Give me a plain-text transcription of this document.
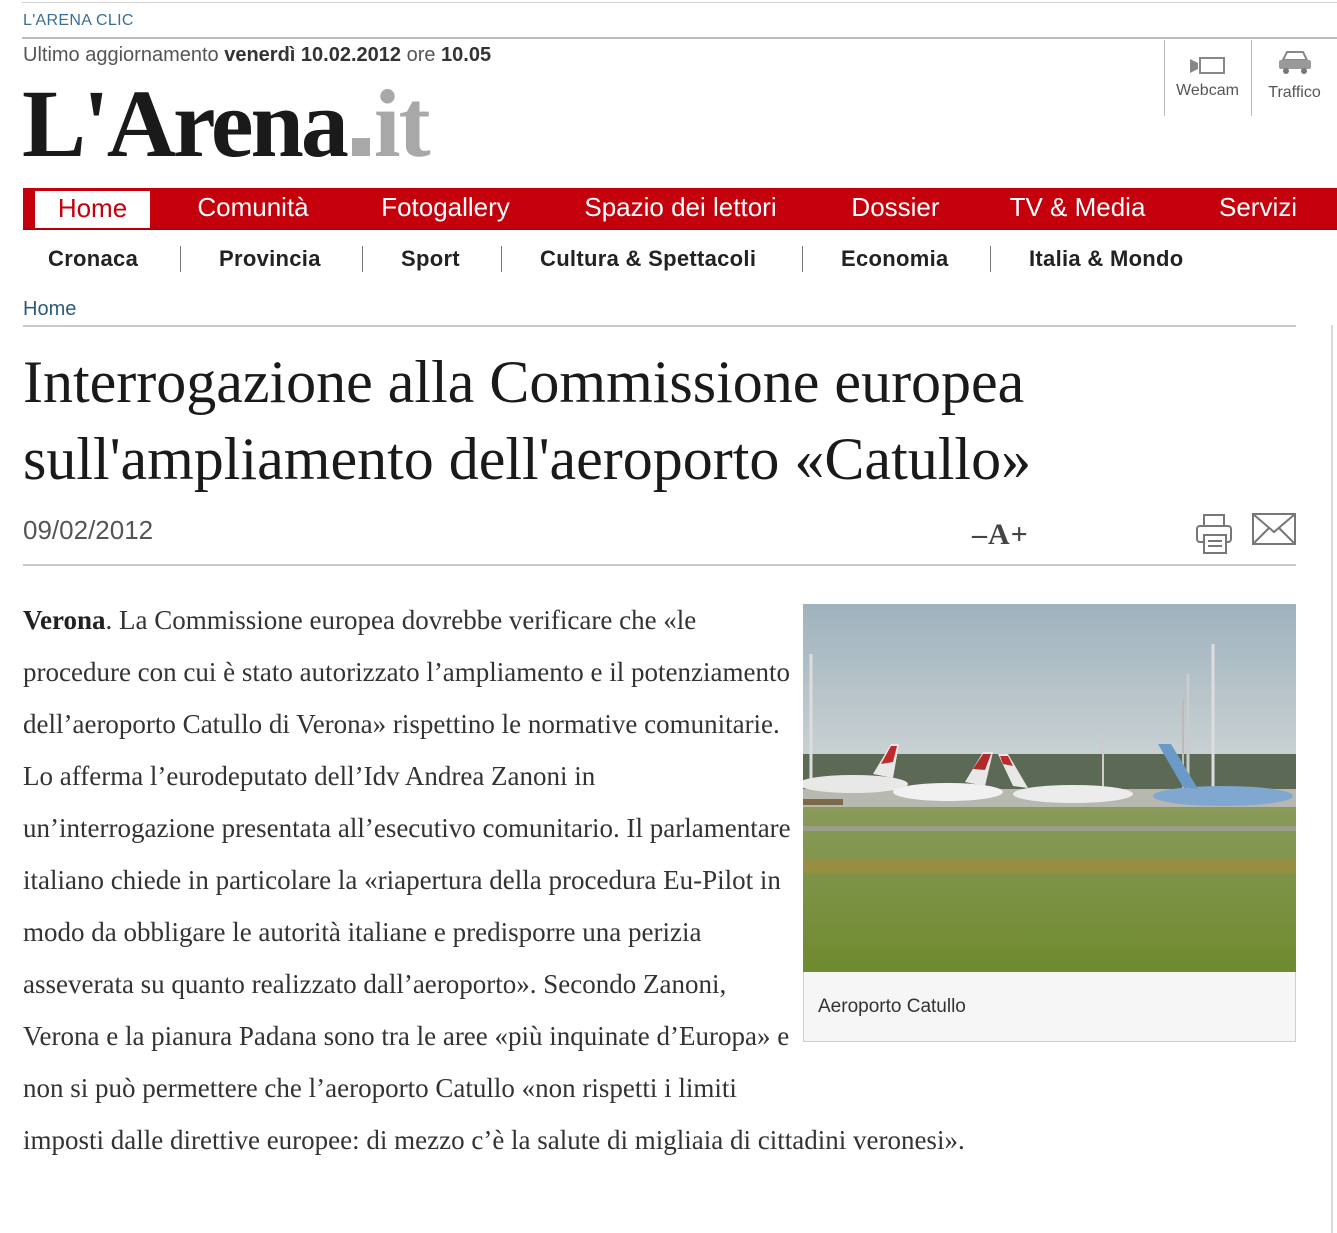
L'ARENA CLIC
Ultimo aggiornamento venerdì 10.02.2012 ore 10.05
L'Arena it	Webcam	Traffico
Home	Comunità	Fotogallery	Spazio dei lettori	Dossier	TV & Media	Servizi
Cronaca	Provincia	Sport	Cultura & Spettacoli	Economia	Italia & Mondo
Home
Interrogazione alla Commissione europea sull'ampliamento dell'aeroporto «Catullo»
09/02/2012	–A+
Aeroporto Catullo
Verona. La Commissione europea dovrebbe verificare che «le procedure con cui è stato autorizzato l’ampliamento e il potenziamento dell’aeroporto Catullo di Verona» rispettino le normative comunitarie. Lo afferma l’eurodeputato dell’Idv Andrea Zanoni in un’interrogazione presentata all’esecutivo comunitario. Il parlamentare italiano chiede in particolare la «riapertura della procedura Eu-Pilot in modo da obbligare le autorità italiane e predisporre una perizia asseverata su quanto realizzato dall’aeroporto». Secondo Zanoni, Verona e la pianura Padana sono tra le aree «più inquinate d’Europa» e non si può permettere che l’aeroporto Catullo «non rispetti i limiti imposti dalle direttive europee: di mezzo c’è la salute di migliaia di cittadini veronesi».
